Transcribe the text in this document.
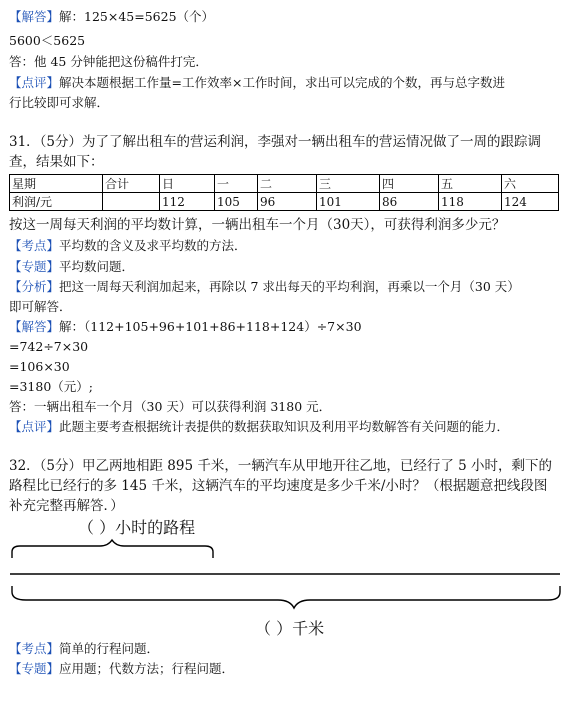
【解答】解：125×45=5625（个）
5600＜5625
答：他 45 分钟能把这份稿件打完．
【点评】解决本题根据工作量=工作效率×工作时间，求出可以完成的个数，再与总字数进
行比较即可求解．
31．（5分）为了了解出租车的营运利润，李强对一辆出租车的营运情况做了一周的跟踪调
查，结果如下：
星期	合计	日	一	二	三	四	五	六
利润/元		112	105	96	101	86	118	124
按这一周每天利润的平均数计算，一辆出租车一个月（30天），可获得利润多少元？
【考点】平均数的含义及求平均数的方法．
【专题】平均数问题．
【分析】把这一周每天利润加起来，再除以 7 求出每天的平均利润，再乘以一个月（30 天）
即可解答．
【解答】解：（112+105+96+101+86+118+124）÷7×30
=742÷7×30
=106×30
=3180（元）;
答：一辆出租车一个月（30 天）可以获得利润 3180 元．
【点评】此题主要考查根据统计表提供的数据获取知识及利用平均数解答有关问题的能力．
32．（5分）甲乙两地相距 895 千米，一辆汽车从甲地开往乙地，已经行了 5 小时，剩下的
路程比已经行的多 145 千米，这辆汽车的平均速度是多少千米/小时？（根据题意把线段图
补充完整再解答．）
（ ）小时的路程
（ ）千米
【考点】简单的行程问题．
【专题】应用题；代数方法；行程问题．
